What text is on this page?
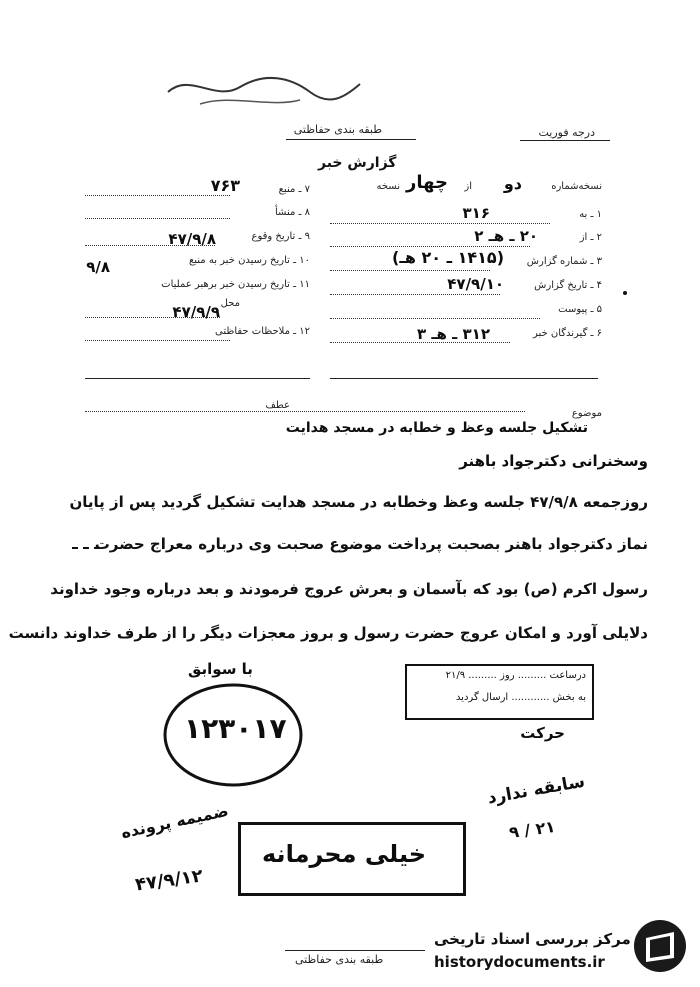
طبقه بندی حفاظتی	درجه فوریت
گزارش خبر
نسخه‌شماره
دو
از
چهار
نسخه
۱ ـ به
۳۱۶
۲ ـ از
۲۰ ـ هـ ۲
۳ ـ شماره گزارش
(۱۴۱۵ ـ ۲۰ هـ)
۴ ـ تاریخ گزارش
۴۷/۹/۱۰
۵ ـ پیوست
۶ ـ گیرندگان خبر
۳۱۲ ـ هـ ۳
۷ ـ منبع
۷۶۳
۸ ـ منشأ
۹ ـ تاریخ وقوع
۴۷/۹/۸
۱۰ ـ تاریخ رسیدن خبر به منبع
۹/۸
۱۱ ـ تاریخ رسیدن خبر برهبر عملیات
محل
۴۷/۹/۹
۱۲ ـ ملاحظات حفاظتی
عطف
موضوع
تشکیل جلسه وعظ و خطابه در مسجد هدایت
وسخنرانی دکترجواد باهنر
روزجمعه ۴۷/۹/۸ جلسه وعظ وخطابه در مسجد هدایت تشکیل گردید پس از پایان
نماز دکترجواد باهنر بصحبت پرداخت موضوع صحبت وی درباره معراج حضرت
رسول اکرم (ص) بود که بآسمان و بعرش عروج فرمودند و بعد درباره وجود خداوند
دلایلی آورد و امکان عروج حضرت رسول و بروز معجزات دیگر را از طرف خداوند دانست
درساعت ......... روز ......... ۲۱/۹
به بخش ............ ارسال گردید
با سوابق
۱۲۳۰۱۷	حرکت
سابقه ندارد
۲۱ / ۹
ضمیمه پرونده
۴۷/۹/۱۲
خیلی محرمانه
طبقه بندی حفاظتی
مرکز بررسی اسناد تاریخی
historydocuments.ir
